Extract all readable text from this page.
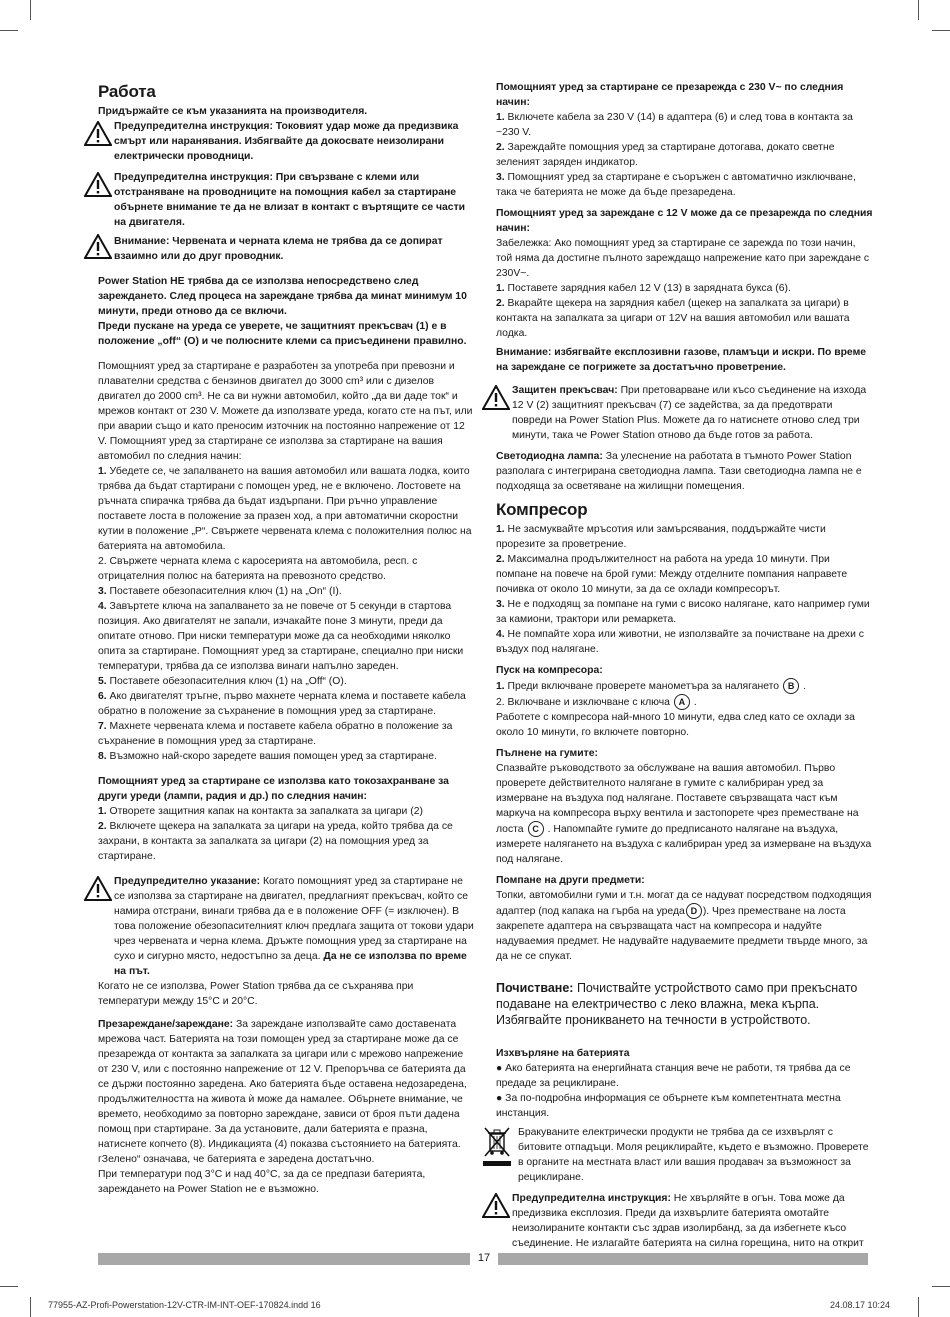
Работа

Придържайте се към указанията на производителя.

Предупредителна инструкция: Токовият удар може да предизвика смърт или наранявания. Избягвайте да докосвате неизолирани електрически проводници.
Предупредителна инструкция: При свързване с клеми или отстраняване на проводниците на помощния кабел за стартиране обърнете внимание те да не влизат в контакт с въртящите се части на двигателя.
Внимание: Червената и черната клема не трябва да се допират взаимно или до друг проводник.

Power Station HE трябва да се използва непосредствено след зареждането. След процеса на зареждане трябва да минат минимум 10 минути, преди отново да се включи.

Преди пускане на уреда се уверете, че защитният прекъсвач (1) е в положение „off“ (O) и че полюсните клеми са присъединени правилно.

Помощният уред за стартиране е разработен за употреба при превозни и плавателни средства с бензинов двигател до 3000 cm³ или с дизелов двигател до 2000 cm³. Не са ви нужни автомобил, който „да ви даде ток“ и мрежов контакт от 230 V. Можете да използвате уреда, когато сте на път, или при аварии също и като преносим източник на постоянно напрежение от 12 V. Помощният уред за стартиране се използва за стартиране на вашия автомобил по следния начин:

1. Убедете се, че запалването на вашия автомобил или вашата лодка, които трябва да бъдат стартирани с помощен уред, не е включено. Лостовете на ръчната спирачка трябва да бъдат издърпани. При ръчно управление поставете лоста в положение за празен ход, а при автоматични скоростни кутии в положение „P“. Свържете червената клема с положителния полюс на батерията на автомобила.

2. Свържете черната клема с каросерията на автомобила, респ. с отрицателния полюс на батерията на превозното средство.

3. Поставете обезопасителния ключ (1) на „On“ (I).

4. Завъртете ключа на запалването за не повече от 5 секунди в стартова позиция. Ако двигателят не запали, изчакайте поне 3 минути, преди да опитате отново. При ниски температури може да са необходими няколко опита за стартиране. Помощният уред за стартиране, специално при ниски температури, трябва да се използва винаги напълно зареден.

5. Поставете обезопасителния ключ (1) на „Off“ (O).

6. Ако двигателят тръгне, първо махнете черната клема и поставете кабела обратно в положение за съхранение в помощния уред за стартиране.

7. Махнете червената клема и поставете кабела обратно в положение за съхранение в помощния уред за стартиране.

8. Възможно най-скоро заредете вашия помощен уред за стартиране.

Помощният уред за стартиране се използва като токозахранване за други уреди (лампи, радия и др.) по следния начин:

1. Отворете защитния капак на контакта за запалката за цигари (2)

2. Включете щекера на запалката за цигари на уреда, който трябва да се захрани, в контакта за запалката за цигари (2) на помощния уред за стартиране.

Предупредително указание: Когато помощният уред за стартиране не се използва за стартиране на двигател, предлагният прекъсвач, който се намира отстрани, винаги трябва да е в положение OFF (= изключен). В това положение обезопасителният ключ предлага защита от токови удари чрез червената и черна клема. Дръжте помощния уред за стартиране на сухо и сигурно място, недостъпно за деца. Да не се използва по време на път.

Когато не се използва, Power Station трябва да се съхранява при температури между 15°C и 20°C.

Презареждане/зареждане: За зареждане използвайте само доставената мрежова част. Батерията на този помощен уред за стартиране може да се презарежда от контакта за запалката за цигари или с мрежово напрежение от 230 V, или с постоянно напрежение от 12 V. Препоръчва се батерията да се държи постоянно заредена. Ако батерията бъде оставена недозаредена, продължителността на живота ѝ може да намалее. Обърнете внимание, че времето, необходимо за повторно зареждане, зависи от броя пъти дадена помощ при стартиране. За да установите, дали батерията е празна, натиснете копчето (8). Индикацията (4) показва състоянието на батерията. гЗелено“ означава, че батерията е заредена достатъчно.

При температури под 3°C и над 40°C, за да се предпази батерията, зареждането на Power Station не е възможно.

Помощният уред за стартиране се презарежда с 230 V~ по следния начин:

1. Включете кабела за 230 V (14) в адаптера (6) и след това в контакта за ~230 V.

2. Зареждайте помощния уред за стартиране дотогава, докато светне зеленият заряден индикатор.

3. Помощният уред за стартиране е съоръжен с автоматично изключване, така че батерията не може да бъде презаредена.

Помощният уред за зареждане с 12 V може да се презарежда по следния начин:

Забележка: Ако помощният уред за стартиране се зарежда по този начин, той няма да достигне пълното зареждащо напрежение като при зареждане с 230V~.

1. Поставете зарядния кабел 12 V (13) в зарядната букса (6).

2. Вкарайте щекера на зарядния кабел (щекер на запалката за цигари) в контакта на запалката за цигари от 12V на вашия автомобил или вашата лодка.

Внимание: избягвайте експлозивни газове, пламъци и искри. По време на зареждане се погрижете за достатъчно проветрение.

Защитен прекъсвач: При претоварване или късо съединение на изхода 12 V (2) защитният прекъсвач (7) се задейства, за да предотврати повреди на Power Station Plus. Можете да го натиснете отново след три минути, така че Power Station отново да бъде готов за работа.

Светодиодна лампа: За улеснение на работата в тъмното Power Station разполага с интегрирана светодиодна лампа. Тази светодиодна лампа не е подходяща за осветяване на жилищни помещения.

Компресор

1. Не засмуквайте мръсотия или замърсявания, поддържайте чисти прорезите за проветрение.

2. Максимална продължителност на работа на уреда 10 минути. При помпане на повече на брой гуми: Между отделните помпания направете почивка от около 10 минути, за да се охлади компресорът.

3. Не е подходящ за помпане на гуми с високо налягане, като например гуми за камиони, трактори или ремаркета.

4. Не помпайте хора или животни, не използвайте за почистване на дрехи с въздух под налягане.

Пуск на компресора:

1. Преди включване проверете манометъра за налягането B .

2. Включване и изключване с ключа A .

Работете с компресора най-много 10 минути, едва след като се охлади за около 10 минути, го включете повторно.

Пълнене на гумите:

Спазвайте ръководството за обслужване на вашия автомобил. Първо проверете действителното налягане в гумите с калибриран уред за измерване на въздуха под налягане. Поставете свързващата част към маркуча на компресора върху вентила и застопорете чрез преместване на лоста C . Напомпайте гумите до предписаното налягане на въздуха, измерете налягането на въздуха с калибриран уред за измерване на въздуха под налягане.

Помпане на други предмети:

Топки, автомобилни гуми и т.н. могат да се надуват посредством подходящия адаптер (под капака на гърба на уреда D ). Чрез преместване на лоста закрепете адаптера на свързващата част на компресора и надуйте надуваемия предмет. Не надувайте надуваемите предмети твърде много, за да не се спукат.

Почистване: Почиствайте устройството само при прекъснато подаване на електричество с леко влажна, мека кърпа. Избягвайте проникването на течности в устройството.

Изхвърляне на батерията

● Ако батерията на енергийната станция вече не работи, тя трябва да се предаде за рециклиране.

● За по-подробна информация се обърнете към компетентната местна инстанция.

Бракуваните електрически продукти не трябва да се изхвърлят с битовите отпадъци. Моля рециклирайте, където е възможно. Проверете в органите на местната власт или вашия продавач за възможност за рециклиране.
Предупредителна инструкция: Не хвърляйте в огън. Това може да предизвика експлозия. Преди да изхвърлите батерията омотайте неизолираните контакти със здрав изолирбанд, за да избегнете късо съединение. Не излагайте батерията на силна горещина, нито на открит
17
77955-AZ-Profi-Powerstation-12V-CTR-IM-INT-OEF-170824.indd 16	24.08.17 10:24
